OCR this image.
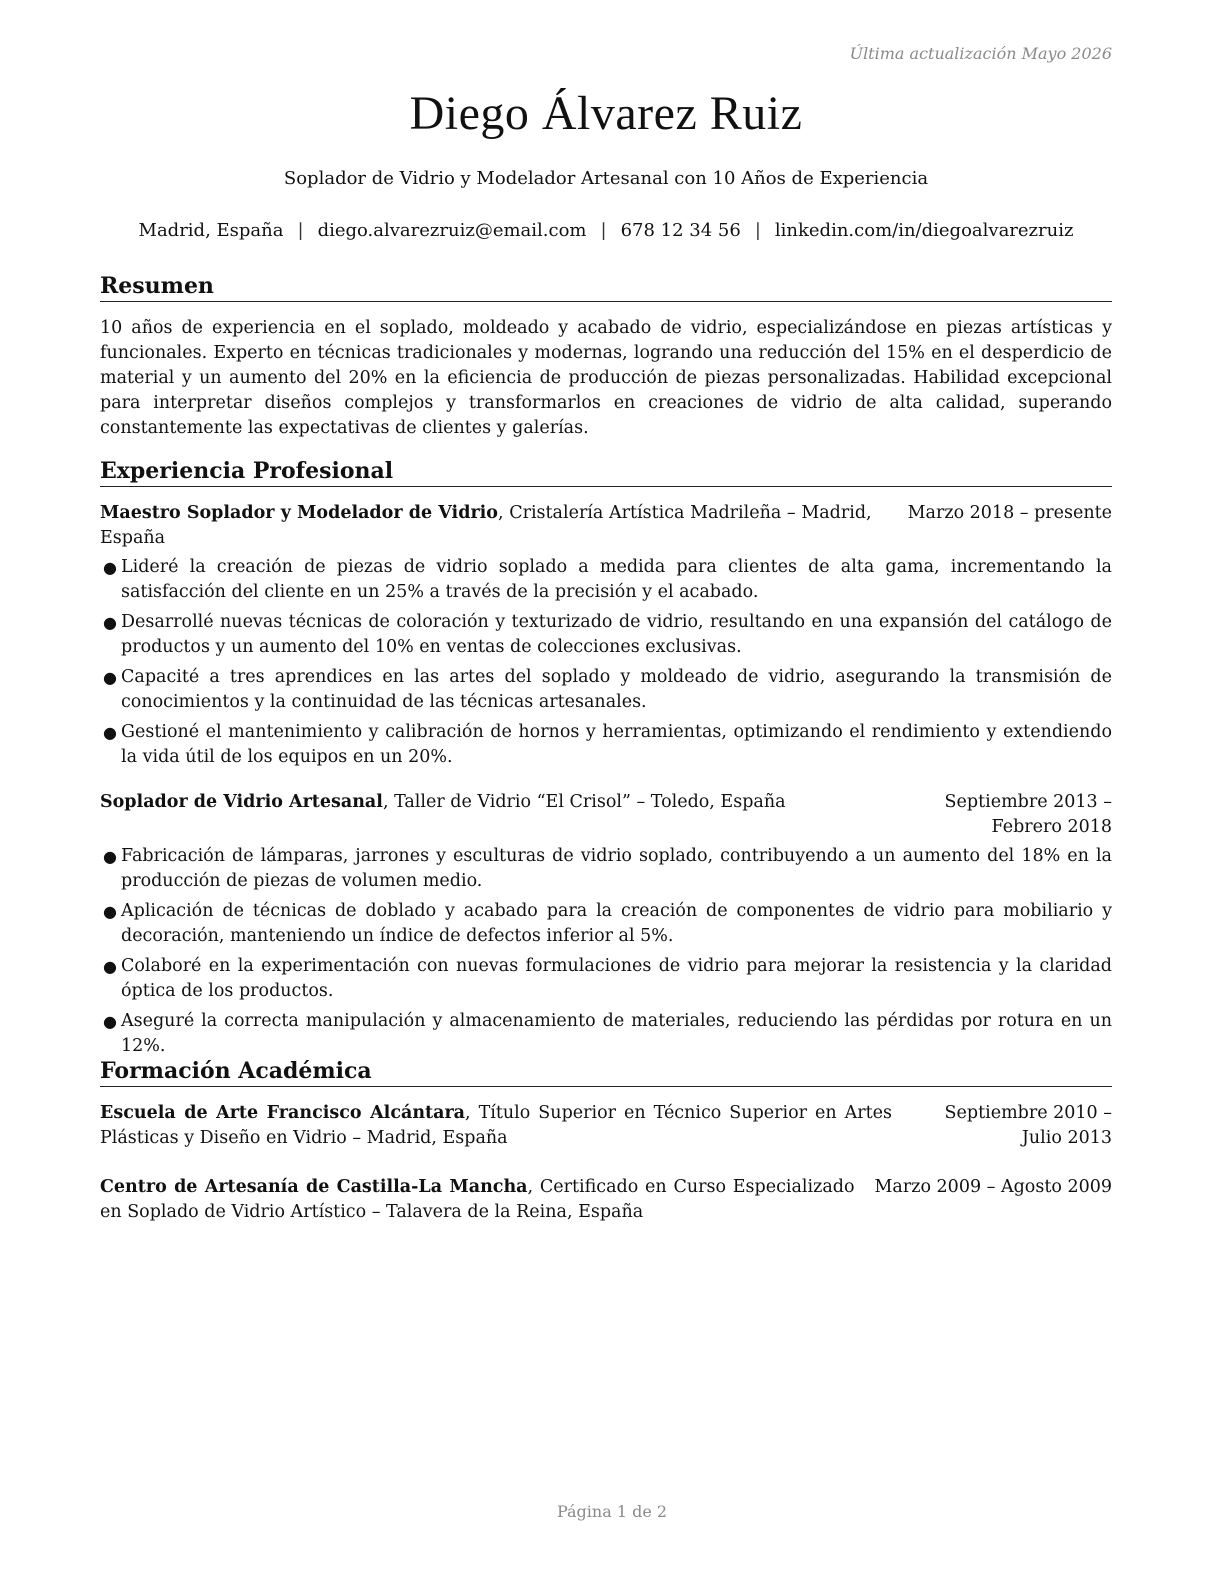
Última actualización Mayo 2026
Diego Álvarez Ruiz
Soplador de Vidrio y Modelador Artesanal con 10 Años de Experiencia
Madrid, España | diego.alvarezruiz@email.com | 678 12 34 56 | linkedin.com/in/diegoalvarezruiz
Resumen

10 años de experiencia en el soplado, moldeado y acabado de vidrio, especializándose en piezas artísticas y funcionales. Experto en técnicas tradicionales y modernas, logrando una reducción del 15% en el desperdicio de material y un aumento del 20% en la eficiencia de producción de piezas personalizadas. Habilidad excepcional para interpretar diseños complejos y transformarlos en creaciones de vidrio de alta calidad, superando constantemente las expectativas de clientes y galerías.

Experiencia Profesional
Maestro Soplador y Modelador de Vidrio, Cristalería Artística Madrileña – Madrid, España
Marzo 2018 – presente
● Lideré la creación de piezas de vidrio soplado a medida para clientes de alta gama, incrementando la satisfacción del cliente en un 25% a través de la precisión y el acabado.
● Desarrollé nuevas técnicas de coloración y texturizado de vidrio, resultando en una expansión del catálogo de productos y un aumento del 10% en ventas de colecciones exclusivas.
● Capacité a tres aprendices en las artes del soplado y moldeado de vidrio, asegurando la transmisión de conocimientos y la continuidad de las técnicas artesanales.
● Gestioné el mantenimiento y calibración de hornos y herramientas, optimizando el rendimiento y extendiendo la vida útil de los equipos en un 20%.
Soplador de Vidrio Artesanal, Taller de Vidrio “El Crisol” – Toledo, España	Septiembre 2013 – Febrero 2018
● Fabricación de lámparas, jarrones y esculturas de vidrio soplado, contribuyendo a un aumento del 18% en la producción de piezas de volumen medio.
● Aplicación de técnicas de doblado y acabado para la creación de componentes de vidrio para mobiliario y decoración, manteniendo un índice de defectos inferior al 5%.
● Colaboré en la experimentación con nuevas formulaciones de vidrio para mejorar la resistencia y la claridad óptica de los productos.
● Aseguré la correcta manipulación y almacenamiento de materiales, reduciendo las pérdidas por rotura en un 12%.
Formación Académica
Escuela de Arte Francisco Alcántara, Título Superior en Técnico Superior en Artes Plásticas y Diseño en Vidrio – Madrid, España
Septiembre 2010 – Julio 2013
Centro de Artesanía de Castilla-La Mancha, Certificado en Curso Especializado en Soplado de Vidrio Artístico – Talavera de la Reina, España
Marzo 2009 – Agosto 2009
Página 1 de 2
